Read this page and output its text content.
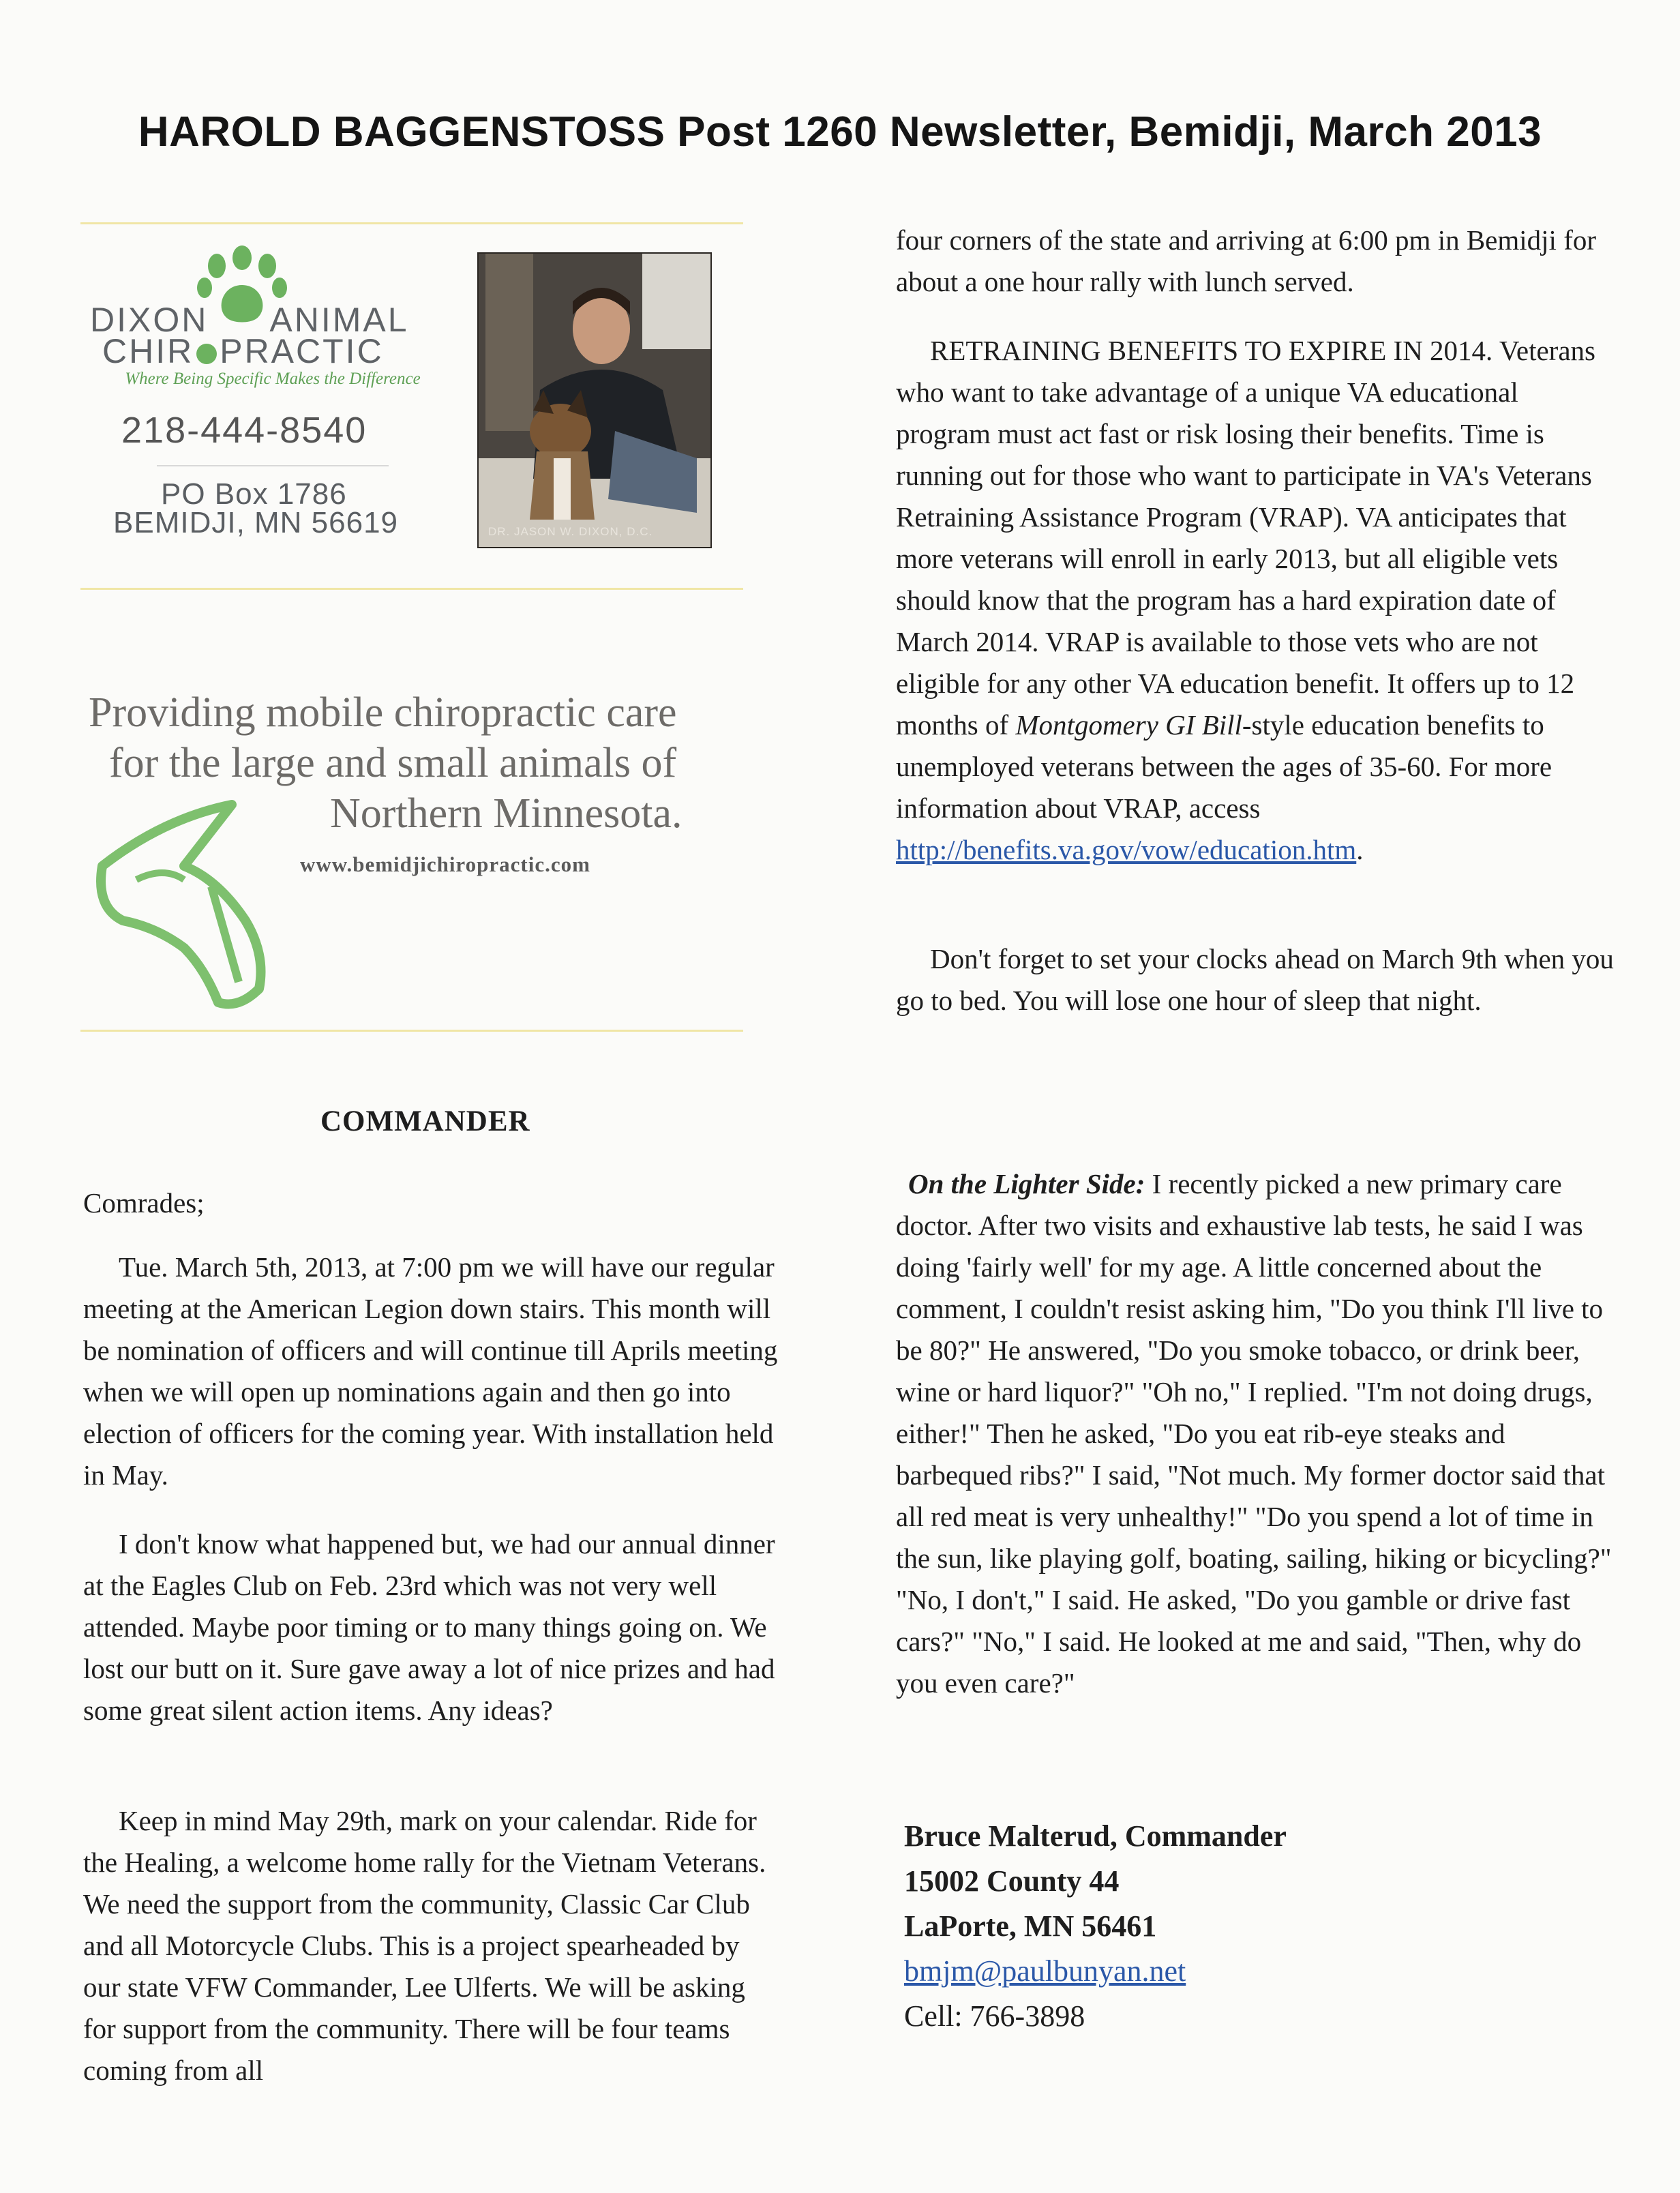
HAROLD BAGGENSTOSS Post 1260 Newsletter, Bemidji, March 2013
DIXON ANIMAL
CHIR PRACTIC
Where Being Specific Makes the Difference
218-444-8540
PO Box 1786
BEMIDJI, MN 56619	DR. JASON W. DIXON, D.C.
Providing mobile chiropractic care
for the large and small animals of
Northern Minnesota.
www.bemidjichiropractic.com
COMMANDER

Comrades;

Tue. March 5th, 2013, at 7:00 pm we will have our regular meeting at the American Legion down stairs. This month will be nomination of officers and will continue till Aprils meeting when we will open up nominations again and then go into election of officers for the coming year. With installation held in May.

I don't know what happened but, we had our annual dinner at the Eagles Club on Feb. 23rd which was not very well attended. Maybe poor timing or to many things going on. We lost our butt on it. Sure gave away a lot of nice prizes and had some great silent action items. Any ideas?

Keep in mind May 29th, mark on your calendar. Ride for the Healing, a welcome home rally for the Vietnam Veterans. We need the support from the community, Classic Car Club and all Motorcycle Clubs. This is a project spearheaded by our state VFW Commander, Lee Ulferts. We will be asking for support from the community. There will be four teams coming from all

four corners of the state and arriving at 6:00 pm in Bemidji for about a one hour rally with lunch served.

RETRAINING BENEFITS TO EXPIRE IN 2014. Veterans who want to take advantage of a unique VA educational program must act fast or risk losing their benefits. Time is running out for those who want to participate in VA's Veterans Retraining Assistance Program (VRAP). VA anticipates that more veterans will enroll in early 2013, but all eligible vets should know that the program has a hard expiration date of March 2014. VRAP is available to those vets who are not eligible for any other VA education benefit. It offers up to 12 months of Montgomery GI Bill-style education benefits to unemployed veterans between the ages of 35-60. For more information about VRAP, access http://benefits.va.gov/vow/education.htm.

Don't forget to set your clocks ahead on March 9th when you go to bed. You will lose one hour of sleep that night.

On the Lighter Side: I recently picked a new primary care doctor. After two visits and exhaustive lab tests, he said I was doing 'fairly well' for my age. A little concerned about the comment, I couldn't resist asking him, "Do you think I'll live to be 80?" He answered, "Do you smoke tobacco, or drink beer, wine or hard liquor?" "Oh no," I replied. "I'm not doing drugs, either!" Then he asked, "Do you eat rib-eye steaks and barbequed ribs?" I said, "Not much. My former doctor said that all red meat is very unhealthy!" "Do you spend a lot of time in the sun, like playing golf, boating, sailing, hiking or bicycling?" "No, I don't," I said. He asked, "Do you gamble or drive fast cars?" "No," I said. He looked at me and said, "Then, why do you even care?"

Bruce Malterud, Commander
15002 County 44
LaPorte, MN 56461
bmjm@paulbunyan.net
Cell: 766-3898
